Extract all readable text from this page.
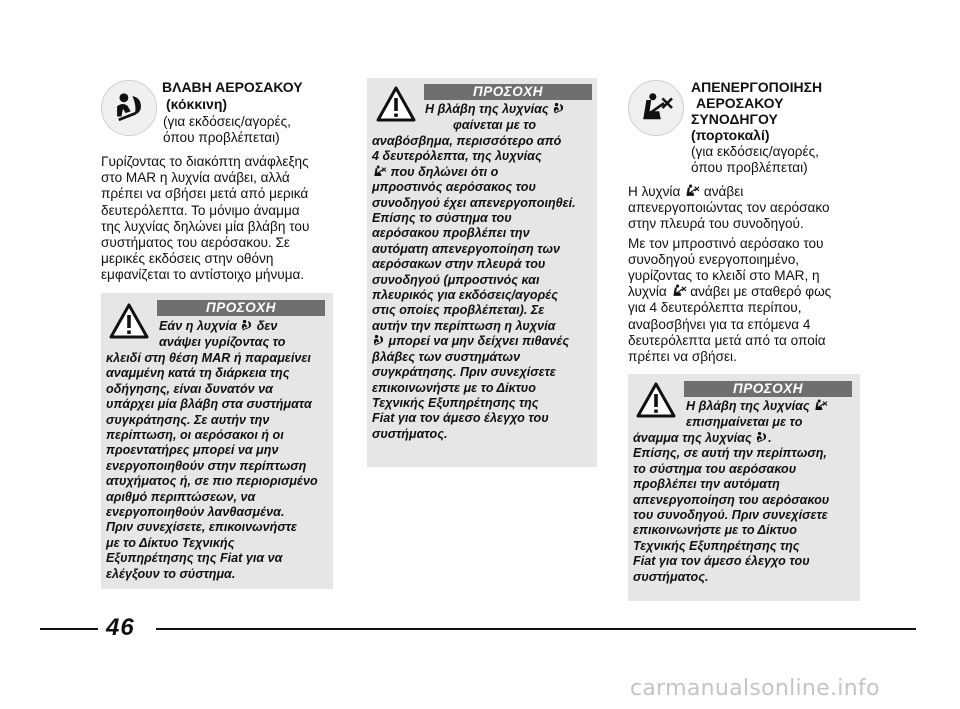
ΒΛΑΒΗ ΑΕΡΟΣΑΚΟΥ
(κόκκινη)
(για εκδόσεις/αγορές,
όπου προβλέπεται)

Γυρίζοντας το διακόπτη ανάφλεξης

στο MAR η λυχνία ανάβει, αλλά

πρέπει να σβήσει μετά από μερικά

δευτερόλεπτα. Το μόνιμο άναμμα

της λυχνίας δηλώνει μία βλάβη του

συστήματος του αερόσακου. Σε

μερικές εκδόσεις στην οθόνη

εμφανίζεται το αντίστοιχο μήνυμα.

ΠΡΟΣΟΧΗ
Εάν η λυχνία δεν
ανάψει γυρίζοντας το
κλειδί στη θέση MAR ή παραμείνει
αναμμένη κατά τη διάρκεια της
οδήγησης, είναι δυνατόν να
υπάρχει μία βλάβη στα συστήματα
συγκράτησης. Σε αυτήν την
περίπτωση, οι αερόσακοι ή οι
προεντατήρες μπορεί να μην
ενεργοποιηθούν στην περίπτωση
ατυχήματος ή, σε πιο περιορισμένο
αριθμό περιπτώσεων, να
ενεργοποιηθούν λανθασμένα.
Πριν συνεχίσετε, επικοινωνήστε
με το Δίκτυο Τεχνικής
Εξυπηρέτησης της Fiat για να
ελέγξουν το σύστημα.
ΠΡΟΣΟΧΗ
Η βλάβη της λυχνίας
φαίνεται με το
αναβόσβημα, περισσότερο από
4 δευτερόλεπτα, της λυχνίας
που δηλώνει ότι ο
μπροστινός αερόσακος του
συνοδηγού έχει απενεργοποιηθεί.
Επίσης το σύστημα του
αερόσακου προβλέπει την
αυτόματη απενεργοποίηση των
αερόσακων στην πλευρά του
συνοδηγού (μπροστινός και
πλευρικός για εκδόσεις/αγορές
στις οποίες προβλέπεται). Σε
αυτήν την περίπτωση η λυχνία
μπορεί να μην δείχνει πιθανές
βλάβες των συστημάτων
συγκράτησης. Πριν συνεχίσετε
επικοινωνήστε με το Δίκτυο
Τεχνικής Εξυπηρέτησης της
Fiat για τον άμεσο έλεγχο του
συστήματος.
ΑΠΕΝΕΡΓΟΠΟΙΗΣΗ
ΑΕΡΟΣΑΚΟΥ
ΣΥΝΟΔΗΓΟΥ
(πορτοκαλί)
(για εκδόσεις/αγορές,
όπου προβλέπεται)
Η λυχνία ανάβει
απενεργοποιώντας τον αερόσακο
στην πλευρά του συνοδηγού.
Με τον μπροστινό αερόσακο του
συνοδηγού ενεργοποιημένο,
γυρίζοντας το κλειδί στο MAR, η
λυχνία ανάβει με σταθερό φως
για 4 δευτερόλεπτα περίπου,
αναβοσβήνει για τα επόμενα 4
δευτερόλεπτα μετά από τα οποία
πρέπει να σβήσει.
ΠΡΟΣΟΧΗ
Η βλάβη της λυχνίας
επισημαίνεται με το
άναμμα της λυχνίας .
Επίσης, σε αυτή την περίπτωση,
το σύστημα του αερόσακου
προβλέπει την αυτόματη
απενεργοποίηση του αερόσακου
του συνοδηγού. Πριν συνεχίσετε
επικοινωνήστε με το Δίκτυο
Τεχνικής Εξυπηρέτησης της
Fiat για τον άμεσο έλεγχο του
συστήματος.
46
carmanualsonline.info
